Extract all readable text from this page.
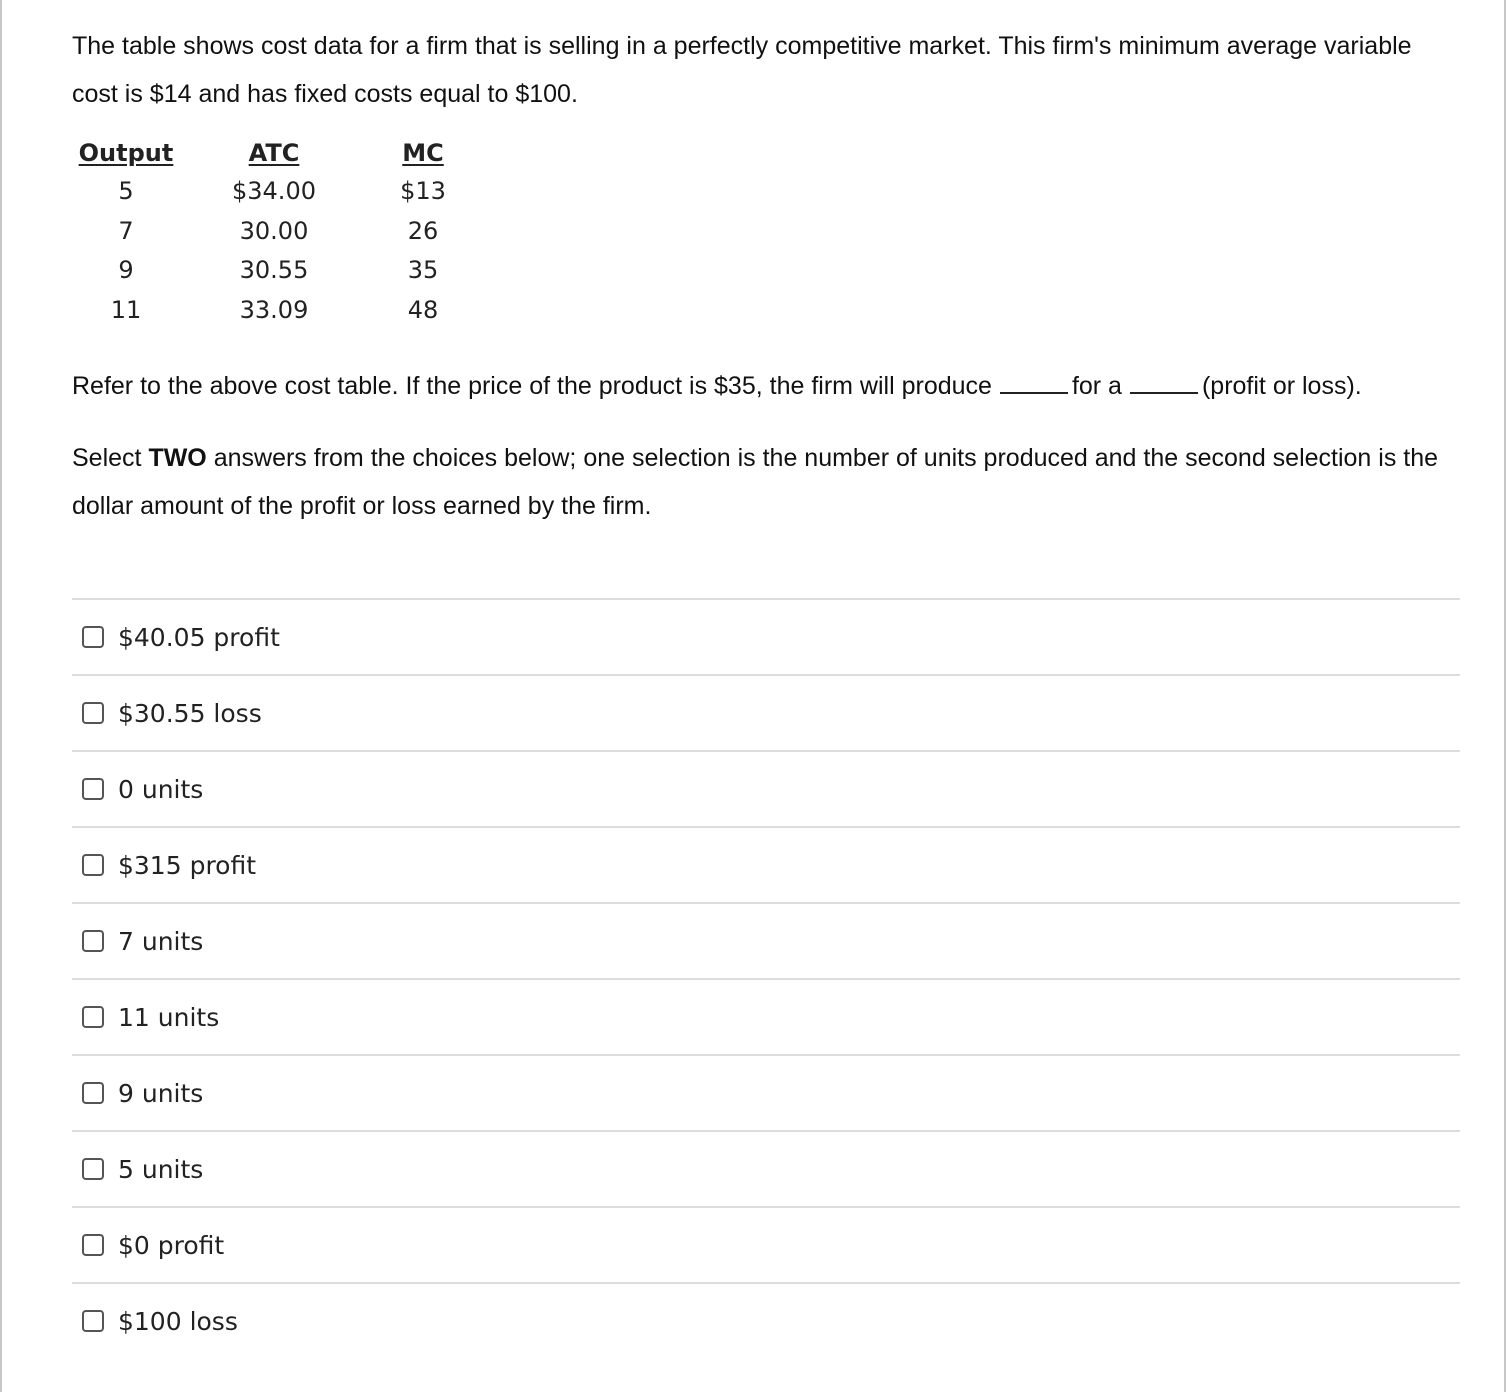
The table shows cost data for a firm that is selling in a perfectly competitive market. This firm's minimum average variable cost is $14 and has fixed costs equal to $100.

Output
5
7
9
11
ATC
$34.00
30.00
30.55
33.09
MC
$13
26
35
48

Refer to the above cost table. If the price of the product is $35, the firm will produce	for a	(profit or loss).

Select TWO answers from the choices below; one selection is the number of units produced and the second selection is the dollar amount of the profit or loss earned by the firm.

$40.05 profit
$30.55 loss
0 units
$315 profit
7 units
11 units
9 units
5 units
$0 profit
$100 loss
